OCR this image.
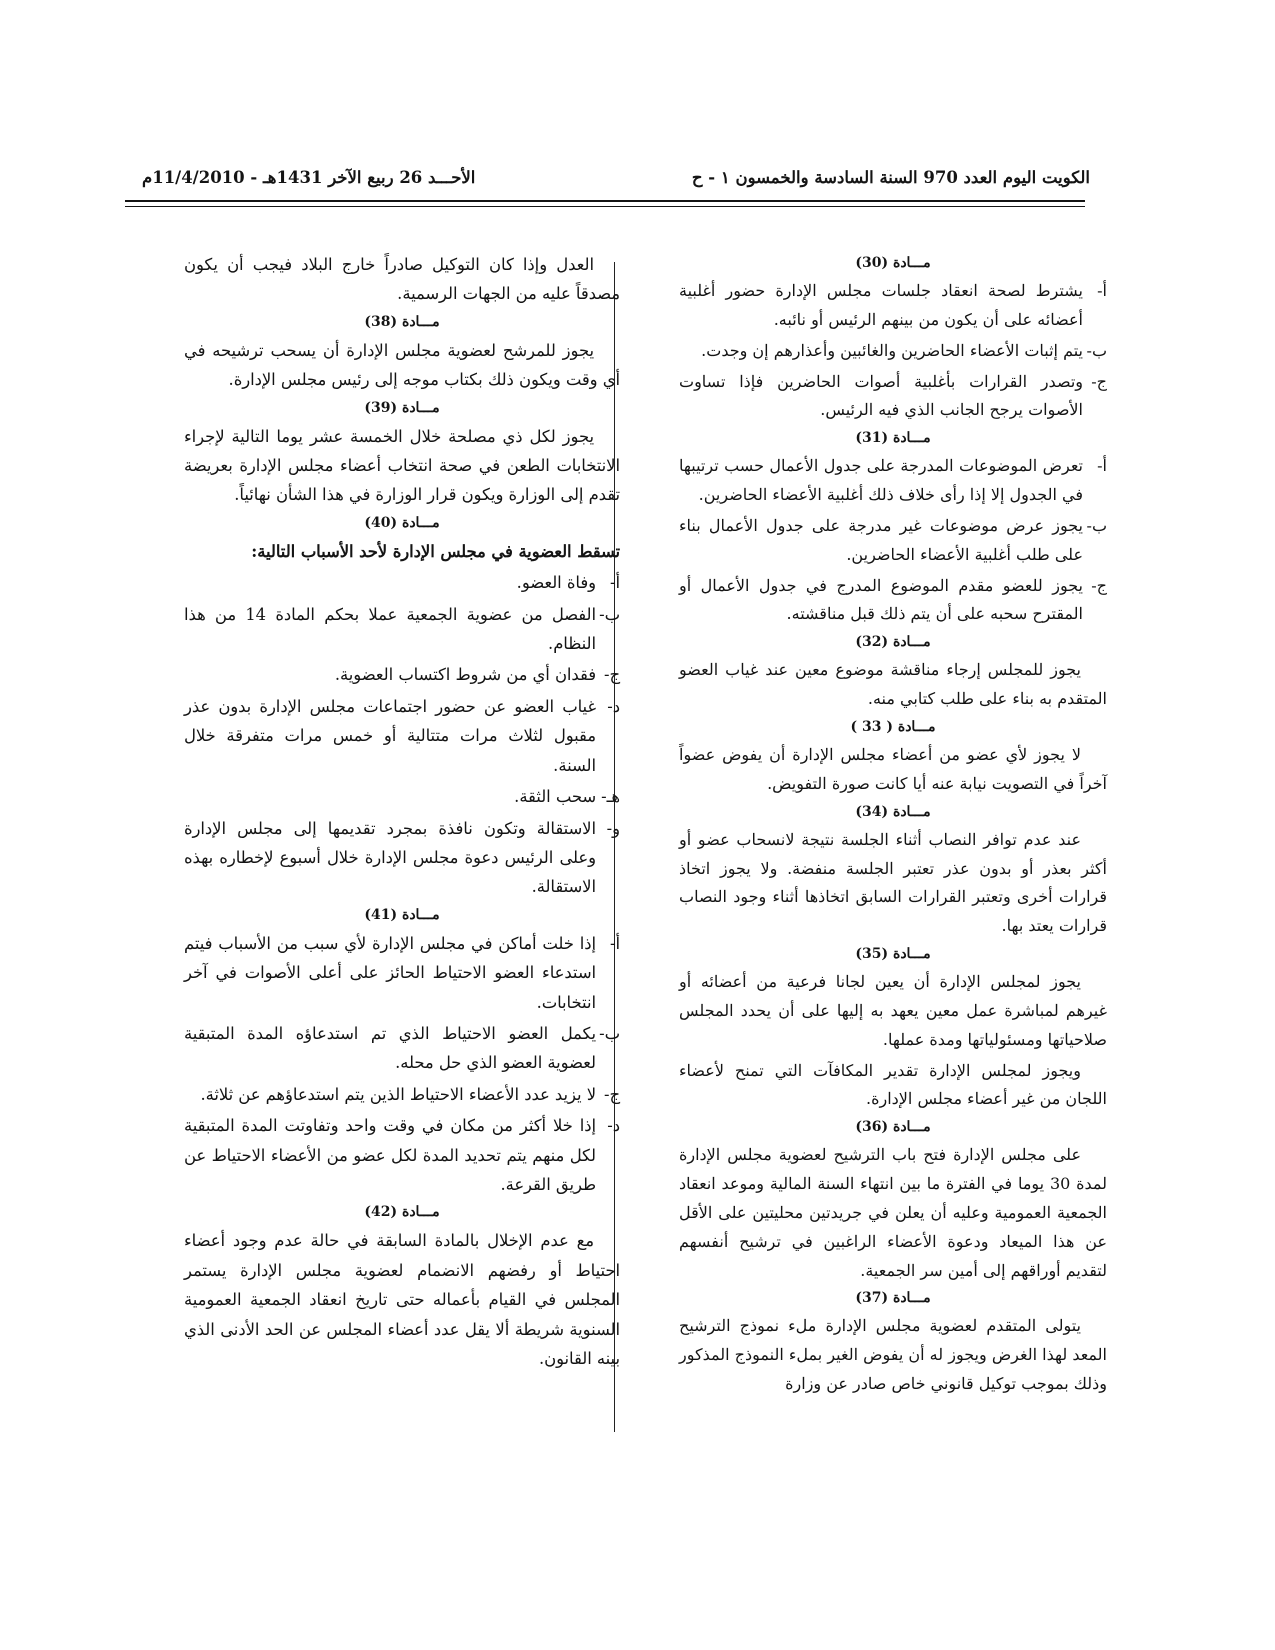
الكويت اليوم العدد 970 السنة السادسة والخمسون ١ - ح
الأحـــد 26 ربيع الآخر 1431هـ - 11/4/2010م
مـــادة (30)
أ-
يشترط لصحة انعقاد جلسات مجلس الإدارة حضور أغلبية أعضائه على أن يكون من بينهم الرئيس أو نائبه.
ب-
يتم إثبات الأعضاء الحاضرين والغائبين وأعذارهم إن وجدت.
ج-
وتصدر القرارات بأغلبية أصوات الحاضرين فإذا تساوت الأصوات يرجح الجانب الذي فيه الرئيس.
مـــادة (31)
أ-
تعرض الموضوعات المدرجة على جدول الأعمال حسب ترتيبها في الجدول إلا إذا رأى خلاف ذلك أغلبية الأعضاء الحاضرين.
ب-
يجوز عرض موضوعات غير مدرجة على جدول الأعمال بناء على طلب أغلبية الأعضاء الحاضرين.
ج-
يجوز للعضو مقدم الموضوع المدرج في جدول الأعمال أو المقترح سحبه على أن يتم ذلك قبل مناقشته.
مـــادة (32)

يجوز للمجلس إرجاء مناقشة موضوع معين عند غياب العضو المتقدم به بناء على طلب كتابي منه.

مـــادة ( 33 )

لا يجوز لأي عضو من أعضاء مجلس الإدارة أن يفوض عضواً آخراً في التصويت نيابة عنه أيا كانت صورة التفويض.

مـــادة (34)

عند عدم توافر النصاب أثناء الجلسة نتيجة لانسحاب عضو أو أكثر بعذر أو بدون عذر تعتبر الجلسة منفضة. ولا يجوز اتخاذ قرارات أخرى وتعتبر القرارات السابق اتخاذها أثناء وجود النصاب قرارات يعتد بها.

مـــادة (35)

يجوز لمجلس الإدارة أن يعين لجانا فرعية من أعضائه أو غيرهم لمباشرة عمل معين يعهد به إليها على أن يحدد المجلس صلاحياتها ومسئولياتها ومدة عملها.

ويجوز لمجلس الإدارة تقدير المكافآت التي تمنح لأعضاء اللجان من غير أعضاء مجلس الإدارة.

مـــادة (36)

على مجلس الإدارة فتح باب الترشيح لعضوية مجلس الإدارة لمدة 30 يوما في الفترة ما بين انتهاء السنة المالية وموعد انعقاد الجمعية العمومية وعليه أن يعلن في جريدتين محليتين على الأقل عن هذا الميعاد ودعوة الأعضاء الراغبين في ترشيح أنفسهم لتقديم أوراقهم إلى أمين سر الجمعية.

مـــادة (37)

يتولى المتقدم لعضوية مجلس الإدارة ملء نموذج الترشيح المعد لهذا الغرض ويجوز له أن يفوض الغير بملء النموذج المذكور وذلك بموجب توكيل قانوني خاص صادر عن وزارة

العدل وإذا كان التوكيل صادراً خارج البلاد فيجب أن يكون مصدقاً عليه من الجهات الرسمية.

مـــادة (38)

يجوز للمرشح لعضوية مجلس الإدارة أن يسحب ترشيحه في أي وقت ويكون ذلك بكتاب موجه إلى رئيس مجلس الإدارة.

مـــادة (39)

يجوز لكل ذي مصلحة خلال الخمسة عشر يوما التالية لإجراء الانتخابات الطعن في صحة انتخاب أعضاء مجلس الإدارة بعريضة تقدم إلى الوزارة ويكون قرار الوزارة في هذا الشأن نهائياً.

مـــادة (40)

تسقط العضوية في مجلس الإدارة لأحد الأسباب التالية:

أ-
وفاة العضو.
ب-
الفصل من عضوية الجمعية عملا بحكم المادة 14 من هذا النظام.
ج-
فقدان أي من شروط اكتساب العضوية.
د-
غياب العضو عن حضور اجتماعات مجلس الإدارة بدون عذر مقبول لثلاث مرات متتالية أو خمس مرات متفرقة خلال السنة.
هـ-
سحب الثقة.
و-
الاستقالة وتكون نافذة بمجرد تقديمها إلى مجلس الإدارة وعلى الرئيس دعوة مجلس الإدارة خلال أسبوع لإخطاره بهذه الاستقالة.
مـــادة (41)
أ-
إذا خلت أماكن في مجلس الإدارة لأي سبب من الأسباب فيتم استدعاء العضو الاحتياط الحائز على أعلى الأصوات في آخر انتخابات.
ب-
يكمل العضو الاحتياط الذي تم استدعاؤه المدة المتبقية لعضوية العضو الذي حل محله.
ج-
لا يزيد عدد الأعضاء الاحتياط الذين يتم استدعاؤهم عن ثلاثة.
د-
إذا خلا أكثر من مكان في وقت واحد وتفاوتت المدة المتبقية لكل منهم يتم تحديد المدة لكل عضو من الأعضاء الاحتياط عن طريق القرعة.
مـــادة (42)

مع عدم الإخلال بالمادة السابقة في حالة عدم وجود أعضاء احتياط أو رفضهم الانضمام لعضوية مجلس الإدارة يستمر المجلس في القيام بأعماله حتى تاريخ انعقاد الجمعية العمومية السنوية شريطة ألا يقل عدد أعضاء المجلس عن الحد الأدنى الذي بينه القانون.
